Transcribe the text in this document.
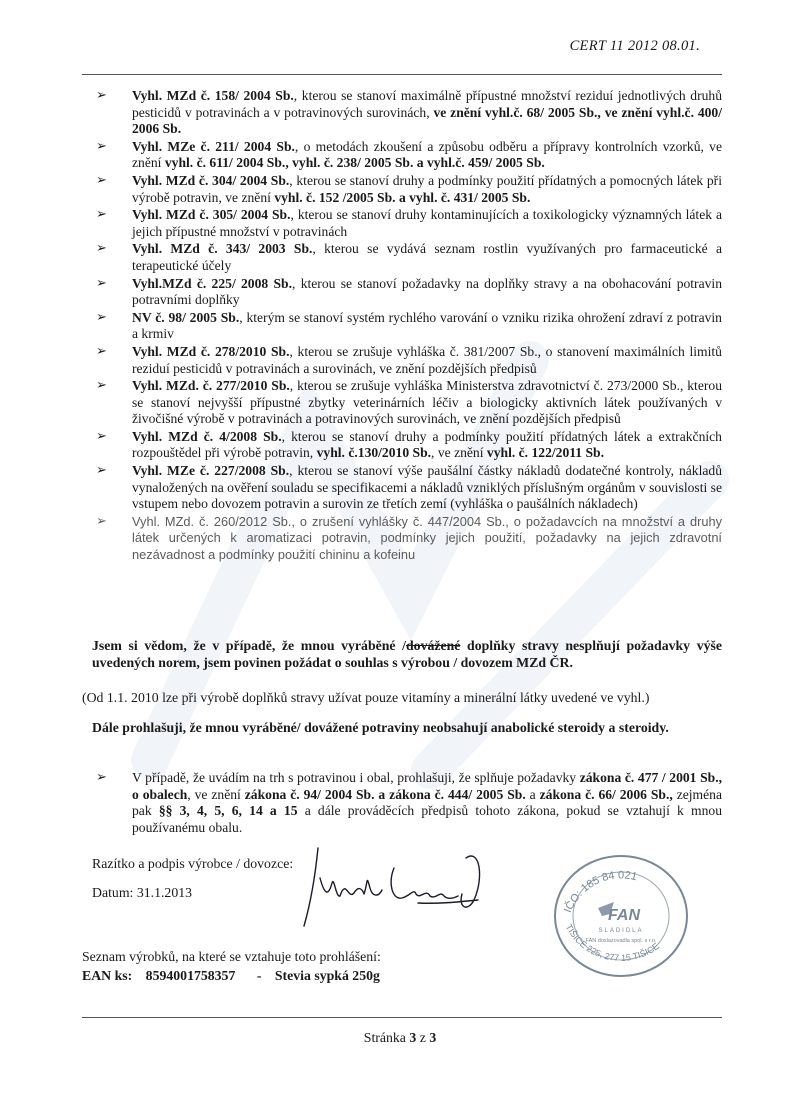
CERT 11 2012 08.01.
➢ Vyhl. MZd č. 158/ 2004 Sb., kterou se stanoví maximálně přípustné množství reziduí jednotlivých druhů pesticidů v potravinách a v potravinových surovinách, ve znění vyhl.č. 68/ 2005 Sb., ve znění vyhl.č. 400/ 2006 Sb.
➢ Vyhl. MZe č. 211/ 2004 Sb., o metodách zkoušení a způsobu odběru a přípravy kontrolních vzorků, ve znění vyhl. č. 611/ 2004 Sb., vyhl. č. 238/ 2005 Sb. a vyhl.č. 459/ 2005 Sb.
➢ Vyhl. MZd č. 304/ 2004 Sb., kterou se stanoví druhy a podmínky použití přídatných a pomocných látek při výrobě potravin, ve znění vyhl. č. 152 /2005 Sb. a vyhl. č. 431/ 2005 Sb.
➢ Vyhl. MZd č. 305/ 2004 Sb., kterou se stanoví druhy kontaminujících a toxikologicky významných látek a jejich přípustné množství v potravinách
➢ Vyhl. MZd č. 343/ 2003 Sb., kterou se vydává seznam rostlin využívaných pro farmaceutické a terapeutické účely
➢ Vyhl.MZd č. 225/ 2008 Sb., kterou se stanoví požadavky na doplňky stravy a na obohacování potravin potravními doplňky
➢ NV č. 98/ 2005 Sb., kterým se stanoví systém rychlého varování o vzniku rizika ohrožení zdraví z potravin a krmiv
➢ Vyhl. MZd č. 278/2010 Sb., kterou se zrušuje vyhláška č. 381/2007 Sb., o stanovení maximálních limitů reziduí pesticidů v potravinách a surovinách, ve znění pozdějších předpisů
➢ Vyhl. MZd. č. 277/2010 Sb., kterou se zrušuje vyhláška Ministerstva zdravotnictví č. 273/2000 Sb., kterou se stanoví nejvyšší přípustné zbytky veterinárních léčiv a biologicky aktivních látek používaných v živočišné výrobě v potravinách a potravinových surovinách, ve znění pozdějších předpisů
➢ Vyhl. MZd č. 4/2008 Sb., kterou se stanoví druhy a podmínky použití přídatných látek a extrakčních rozpouštědel při výrobě potravin, vyhl. č.130/2010 Sb., ve znění vyhl. č. 122/2011 Sb.
➢ Vyhl. MZe č. 227/2008 Sb., kterou se stanoví výše paušální částky nákladů dodatečné kontroly, nákladů vynaložených na ověření souladu se specifikacemi a nákladů vzniklých příslušným orgánům v souvislosti se vstupem nebo dovozem potravin a surovin ze třetích zemí (vyhláška o paušálních nákladech)
➢ Vyhl. MZd. č. 260/2012 Sb., o zrušení vyhlášky č. 447/2004 Sb., o požadavcích na množství a druhy látek určených k aromatizaci potravin, podmínky jejich použití, požadavky na jejich zdravotní nezávadnost a podmínky použití chininu a kofeinu

Jsem si vědom, že v případě, že mnou vyráběné /dovážené doplňky stravy nesplňují požadavky výše uvedených norem, jsem povinen požádat o souhlas s výrobou / dovozem MZd ČR.

(Od 1.1. 2010 lze při výrobě doplňků stravy užívat pouze vitamíny a minerální látky uvedené ve vyhl.)

Dále prohlašuji, že mnou vyráběné/ dovážené potraviny neobsahují anabolické steroidy a steroidy.

➢ V případě, že uvádím na trh s potravinou i obal, prohlašuji, že splňuje požadavky zákona č. 477 / 2001 Sb., o obalech, ve znění zákona č. 94/ 2004 Sb. a zákona č. 444/ 2005 Sb. a zákona č. 66/ 2006 Sb., zejména pak §§ 3, 4, 5, 6, 14 a 15 a dále prováděcích předpisů tohoto zákona, pokud se vztahují k mnou používanému obalu.
Razítko a podpis výrobce / dovozce:
Datum: 31.1.2013
IČO: 185 84 021
TIŠICE 225, 277 15 TIŠICE
FAN
SLADIDLA
FAN doslazovadla spol. s r.o.
Seznam výrobků, na které se vztahuje toto prohlášení:
EAN ks: 8594001758357 - Stevia sypká 250g
Stránka 3 z 3
